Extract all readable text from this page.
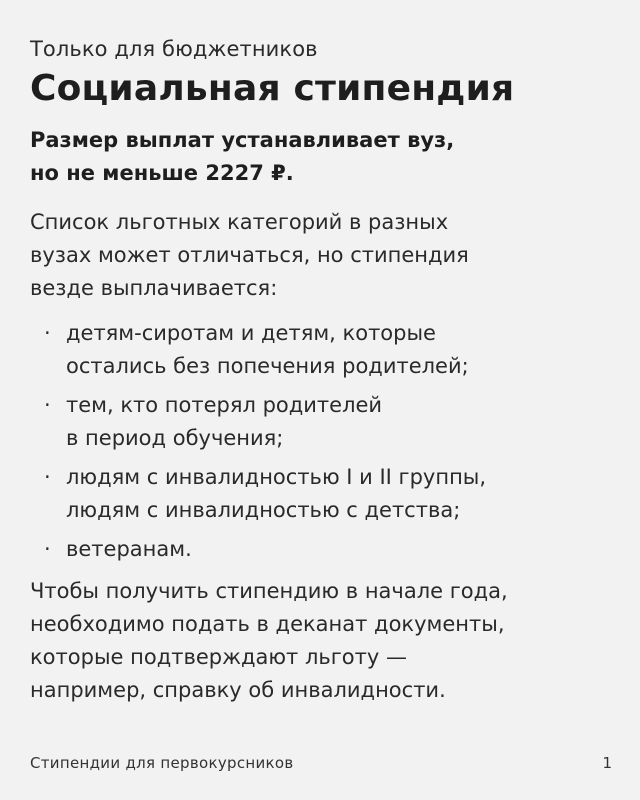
Только для бюджетников
Социальная стипендия
Размер выплат устанавливает вуз,
но не меньше 2227 ₽.
Список льготных категорий в разных
вузах может отличаться, но стипендия
везде выплачивается:
· детям-сиротам и детям, которые
остались без попечения родителей;
· тем, кто потерял родителей
в период обучения;
· людям с инвалидностью I и II группы,
людям с инвалидностью с детства;
· ветеранам.
Чтобы получить стипендию в начале года,
необходимо подать в деканат документы,
которые подтверждают льготу —
например, справку об инвалидности.
Стипендии для первокурсников	1
